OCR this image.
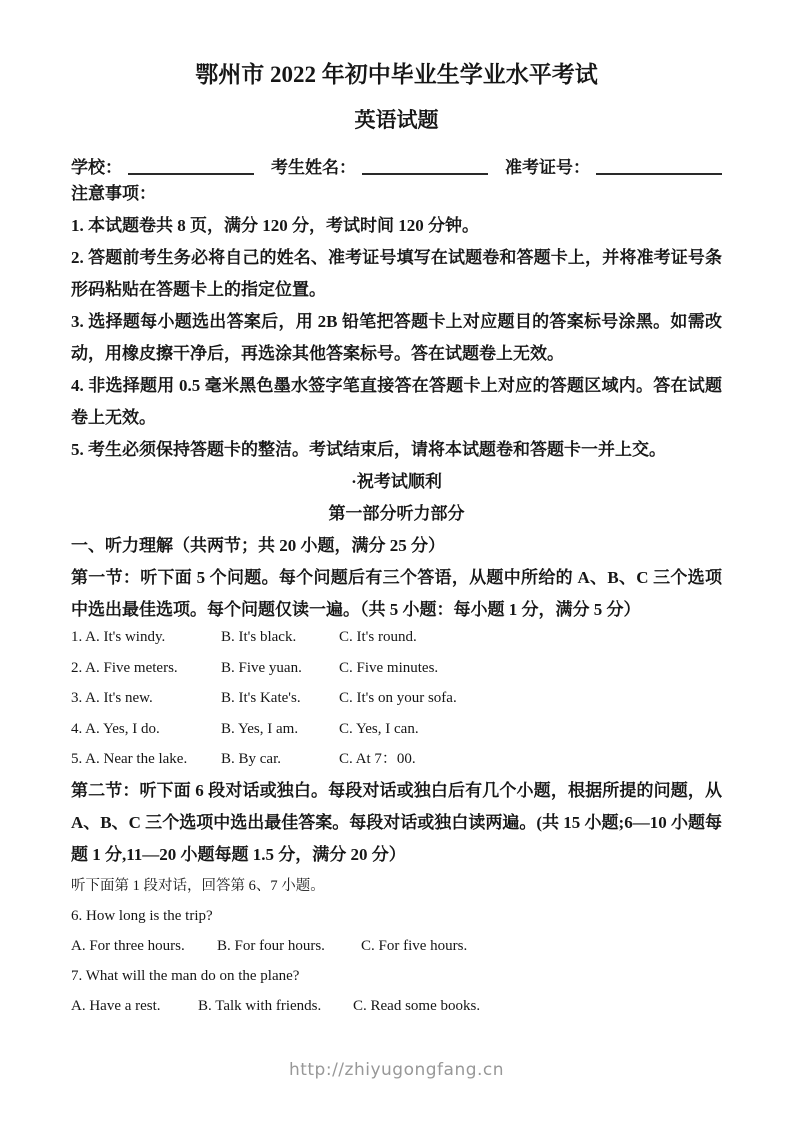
鄂州市 2022 年初中毕业生学业水平考试
英语试题
学校：	考生姓名：	准考证号：

注意事项：

1. 本试题卷共 8 页，满分 120 分，考试时间 120 分钟。

2. 答题前考生务必将自己的姓名、准考证号填写在试题卷和答题卡上，并将准考证号条形码粘贴在答题卡上的指定位置。

3. 选择题每小题选出答案后，用 2B 铅笔把答题卡上对应题目的答案标号涂黑。如需改动，用橡皮擦干净后，再选涂其他答案标号。答在试题卷上无效。

4. 非选择题用 0.5 毫米黑色墨水签字笔直接答在答题卡上对应的答题区域内。答在试题卷上无效。

5. 考生必须保持答题卡的整洁。考试结束后，请将本试题卷和答题卡一并上交。

·祝考试顺利

第一部分听力部分

一、听力理解（共两节；共 20 小题，满分 25 分）

第一节：听下面 5 个问题。每个问题后有三个答语，从题中所给的 A、B、C 三个选项中选出最佳选项。每个问题仅读一遍。（共 5 小题：每小题 1 分，满分 5 分）

1. A. It's windy.	B. It's black.	C. It's round.
2. A. Five meters.	B. Five yuan.	C. Five minutes.
3. A. It's new.	B. It's Kate's.	C. It's on your sofa.
4. A. Yes, I do.	B. Yes, I am.	C. Yes, I can.
5. A. Near the lake.	B. By car.	C. At 7：00.

第二节：听下面 6 段对话或独白。每段对话或独白后有几个小题，根据所提的问题，从 A、B、C 三个选项中选出最佳答案。每段对话或独白读两遍。(共 15 小题;6—10 小题每题 1 分,11—20 小题每题 1.5 分，满分 20 分）

听下面第 1 段对话，回答第 6、7 小题。

6. How long is the trip?

A. For three hours.	B. For four hours.	C. For five hours.

7. What will the man do on the plane?

A. Have a rest.	B. Talk with friends.	C. Read some books.
http://zhiyugongfang.cn
